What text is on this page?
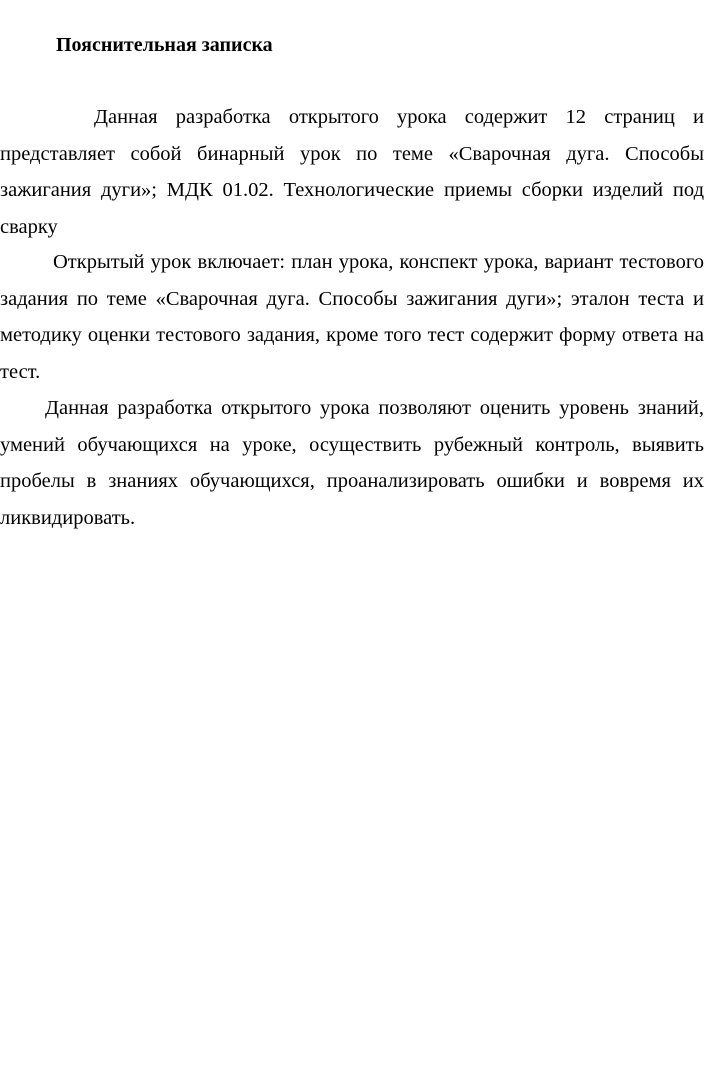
Пояснительная записка

Данная разработка открытого урока содержит 12 страниц и представляет собой бинарный урок по теме «Сварочная дуга. Способы зажигания дуги»; МДК 01.02. Технологические приемы сборки изделий под сварку

Открытый урок включает: план урока, конспект урока, вариант тестового задания по теме «Сварочная дуга. Способы зажигания дуги»; эталон теста и методику оценки тестового задания, кроме того тест содержит форму ответа на тест.

Данная разработка открытого урока позволяют оценить уровень знаний, умений обучающихся на уроке, осуществить рубежный контроль, выявить пробелы в знаниях обучающихся, проанализировать ошибки и вовремя их ликвидировать.
